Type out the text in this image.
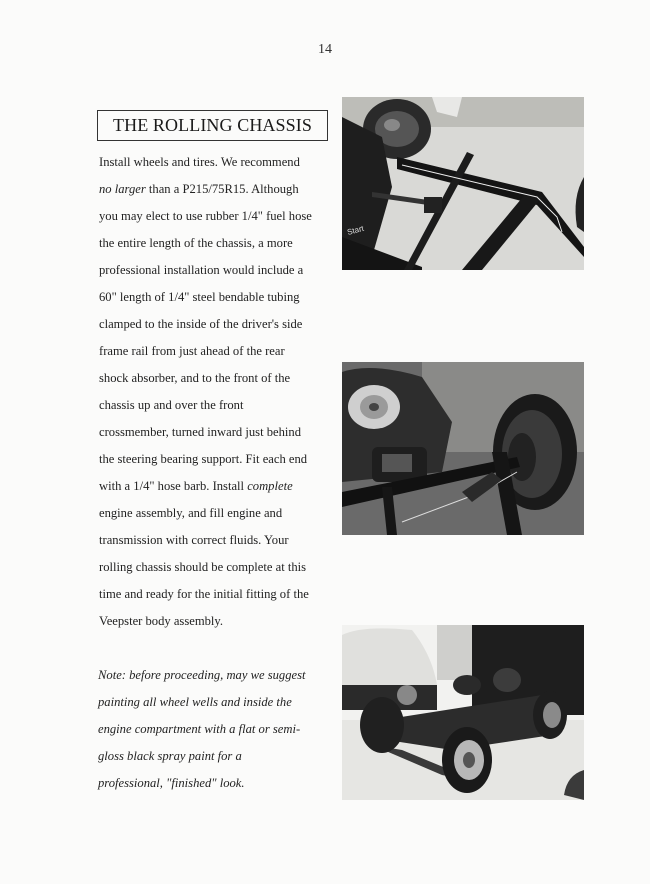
14
THE ROLLING CHASSIS

Install wheels and tires. We recommend

no larger than a P215/75R15. Although

you may elect to use rubber 1/4" fuel hose

the entire length of the chassis, a more

professional installation would include a

60" length of 1/4" steel bendable tubing

clamped to the inside of the driver's side

frame rail from just ahead of the rear

shock absorber, and to the front of the

chassis up and over the front

crossmember, turned inward just behind

the steering bearing support. Fit each end

with a 1/4" hose barb. Install complete

engine assembly, and fill engine and

transmission with correct fluids. Your

rolling chassis should be complete at this

time and ready for the initial fitting of the

Veepster body assembly.

Note: before proceeding, may we suggest

painting all wheel wells and inside the

engine compartment with a flat or semi-

gloss black spray paint for a

professional, "finished" look.

Start
